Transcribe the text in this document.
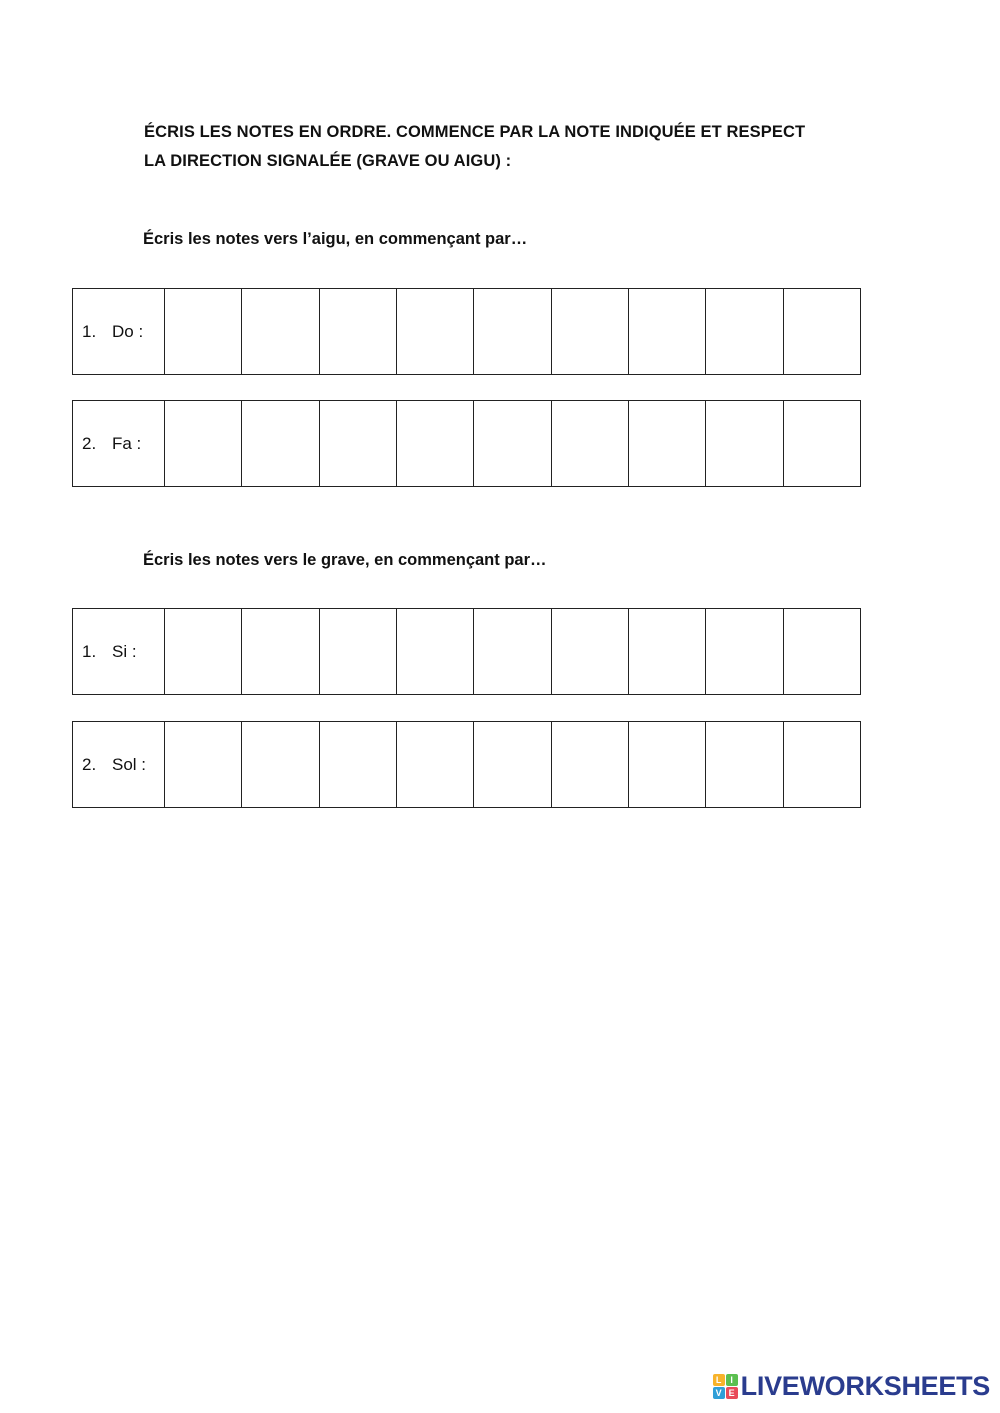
ÉCRIS LES NOTES EN ORDRE. COMMENCE PAR LA NOTE INDIQUÉE ET RESPECT
LA DIRECTION SIGNALÉE (GRAVE OU AIGU) :
Écris les notes vers l’aigu, en commençant par…
1. Do :									
2. Fa :									
Écris les notes vers le grave, en commençant par…
1. Si :									
2. Sol :									
L I
V E LIVEWORKSHEETS
